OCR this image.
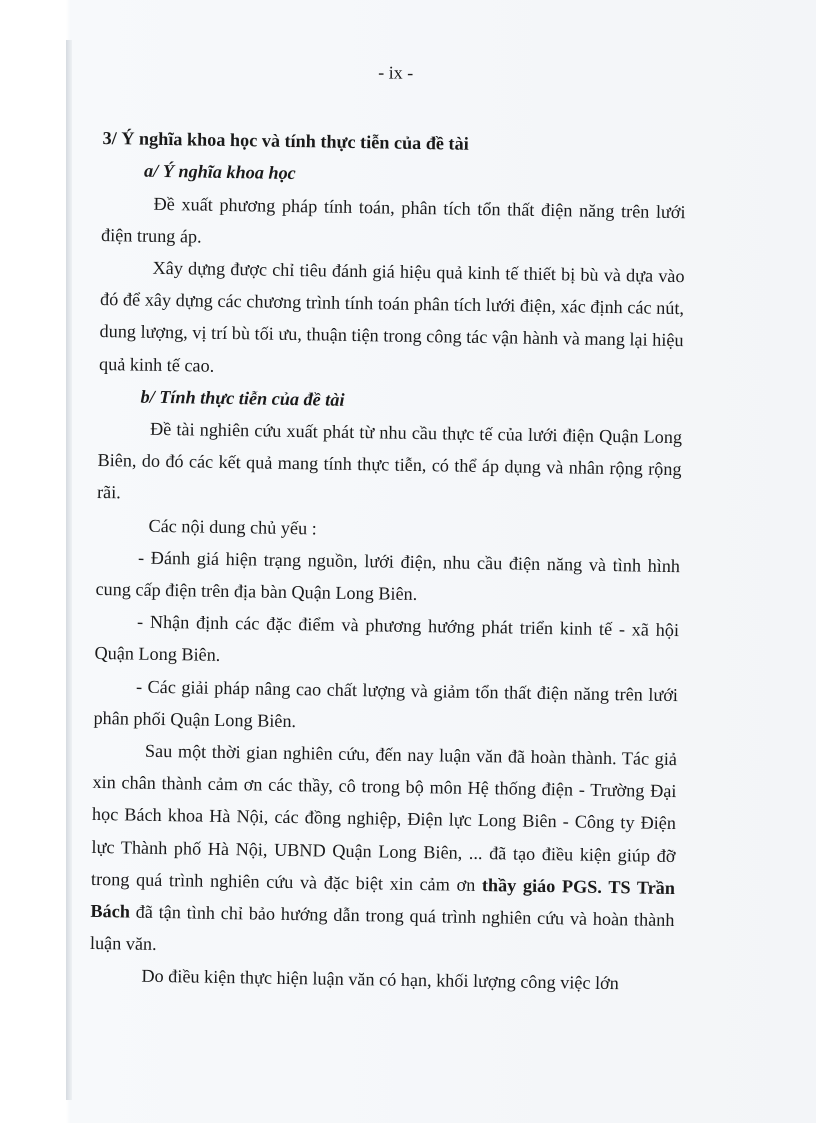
- ix -

3/ Ý nghĩa khoa học và tính thực tiễn của đề tài

a/ Ý nghĩa khoa học

Đề xuất phương pháp tính toán, phân tích tổn thất điện năng trên lưới điện trung áp.

Xây dựng được chỉ tiêu đánh giá hiệu quả kinh tế thiết bị bù và dựa vào đó để xây dựng các chương trình tính toán phân tích lưới điện, xác định các nút, dung lượng, vị trí bù tối ưu, thuận tiện trong công tác vận hành và mang lại hiệu quả kinh tế cao.

b/ Tính thực tiễn của đề tài

Đề tài nghiên cứu xuất phát từ nhu cầu thực tế của lưới điện Quận Long Biên, do đó các kết quả mang tính thực tiễn, có thể áp dụng và nhân rộng rộng rãi.

Các nội dung chủ yếu :

- Đánh giá hiện trạng nguồn, lưới điện, nhu cầu điện năng và tình hình cung cấp điện trên địa bàn Quận Long Biên.

- Nhận định các đặc điểm và phương hướng phát triển kinh tế - xã hội Quận Long Biên.

- Các giải pháp nâng cao chất lượng và giảm tổn thất điện năng trên lưới phân phối Quận Long Biên.

Sau một thời gian nghiên cứu, đến nay luận văn đã hoàn thành. Tác giả xin chân thành cảm ơn các thầy, cô trong bộ môn Hệ thống điện - Trường Đại học Bách khoa Hà Nội, các đồng nghiệp, Điện lực Long Biên - Công ty Điện lực Thành phố Hà Nội, UBND Quận Long Biên, ... đã tạo điều kiện giúp đỡ trong quá trình nghiên cứu và đặc biệt xin cảm ơn thầy giáo PGS. TS Trần Bách đã tận tình chỉ bảo hướng dẫn trong quá trình nghiên cứu và hoàn thành luận văn.

Do điều kiện thực hiện luận văn có hạn, khối lượng công việc lớn
